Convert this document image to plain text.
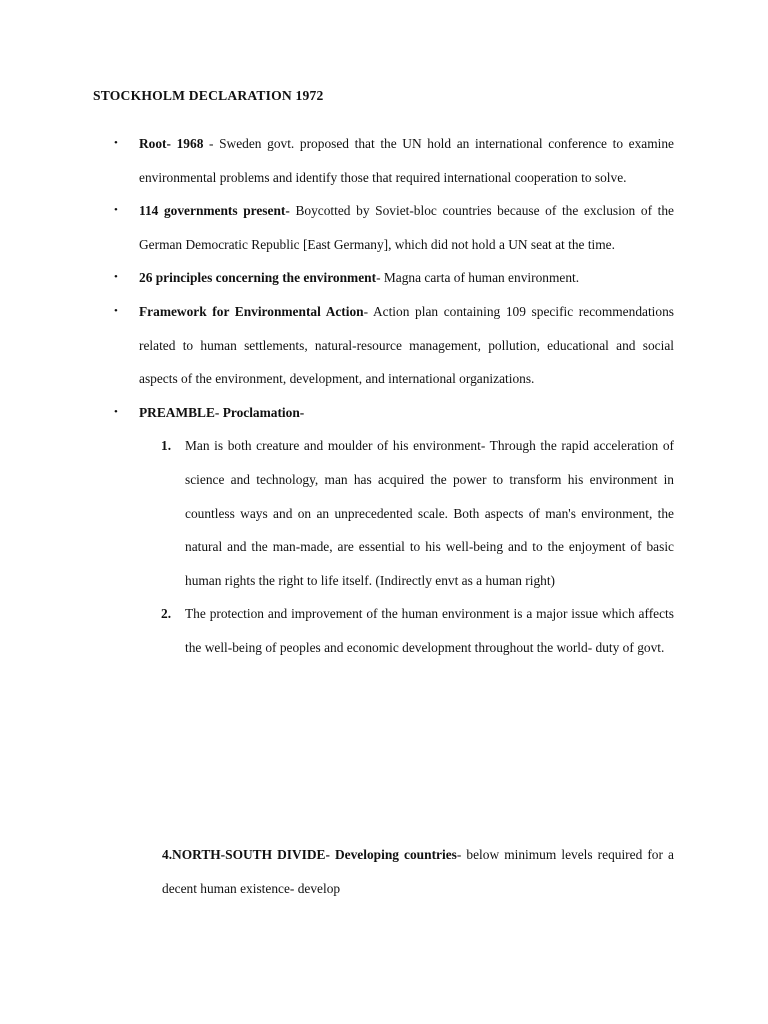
STOCKHOLM DECLARATION 1972
•	Root- 1968 - Sweden govt. proposed that the UN hold an international conference to examine environmental problems and identify those that required international cooperation to solve.
•	114 governments present- Boycotted by Soviet-bloc countries because of the exclusion of the German Democratic Republic [East Germany], which did not hold a UN seat at the time.
•	26 principles concerning the environment- Magna carta of human environment.
•	Framework for Environmental Action- Action plan containing 109 specific recommendations related to human settlements, natural-resource management, pollution, educational and social aspects of the environment, development, and international organizations.
•	PREAMBLE- Proclamation-
1. Man is both creature and moulder of his environment- Through the rapid acceleration of science and technology, man has acquired the power to transform his environment in countless ways and on an unprecedented scale. Both aspects of man's environment, the natural and the man-made, are essential to his well-being and to the enjoyment of basic human rights the right to life itself. (Indirectly envt as a human right)
2. The protection and improvement of the human environment is a major issue which affects the well-being of peoples and economic development throughout the world- duty of govt.

4.NORTH-SOUTH DIVIDE- Developing countries- below minimum levels required for a decent human existence- develop
